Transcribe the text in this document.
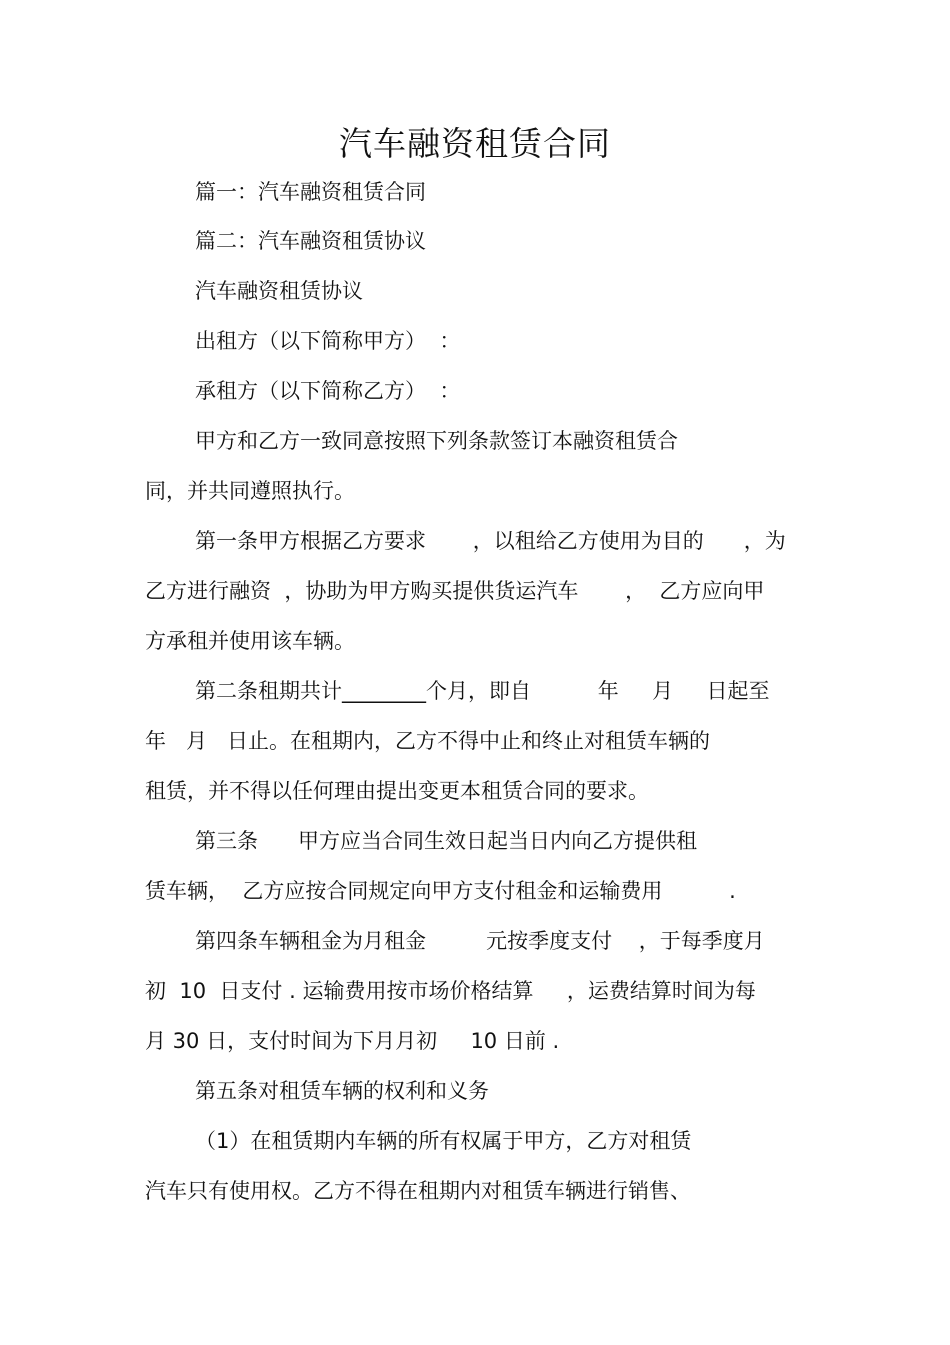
汽车融资租赁合同
篇一：汽车融资租赁合同
篇二：汽车融资租赁协议
汽车融资租赁协议
出租方（以下简称甲方）  ：
承租方（以下简称乙方）  ：
甲方和乙方一致同意按照下列条款签订本融资租赁合
同，并共同遵照执行。
第一条甲方根据乙方要求       ，以租给乙方使用为目的      ，为
乙方进行融资  ，协助为甲方购买提供货运汽车       ，  乙方应向甲
方承租并使用该车辆。
第二条租期共计________个月，即自          年     月     日起至
年   月   日止。在租期内，乙方不得中止和终止对租赁车辆的
租赁，并不得以任何理由提出变更本租赁合同的要求。
第三条      甲方应当合同生效日起当日内向乙方提供租
赁车辆，  乙方应按合同规定向甲方支付租金和运输费用          .
第四条车辆租金为月租金         元按季度支付    ，于每季度月
初  10  日支付 . 运输费用按市场价格结算     ，运费结算时间为每
月 30 日，支付时间为下月月初     10 日前 .
第五条对租赁车辆的权利和义务
（1）在租赁期内车辆的所有权属于甲方，乙方对租赁
汽车只有使用权。乙方不得在租期内对租赁车辆进行销售、
